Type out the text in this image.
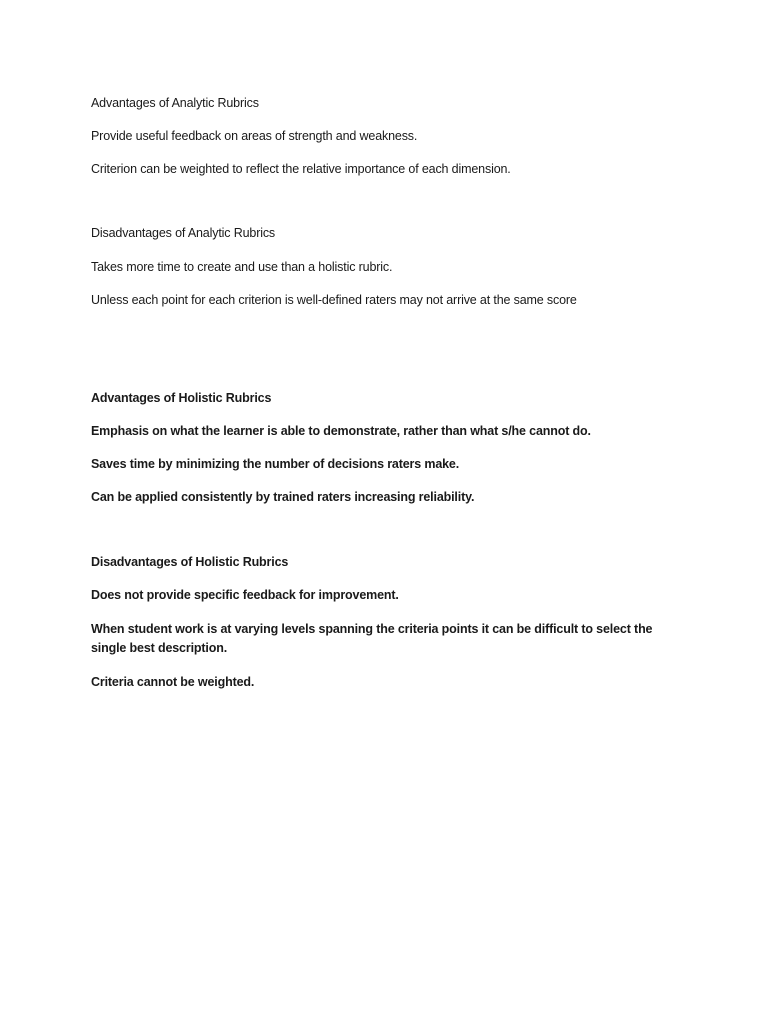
Advantages of Analytic Rubrics

Provide useful feedback on areas of strength and weakness.

Criterion can be weighted to reflect the relative importance of each dimension.

Disadvantages of Analytic Rubrics

Takes more time to create and use than a holistic rubric.

Unless each point for each criterion is well-defined raters may not arrive at the same score

Advantages of Holistic Rubrics

Emphasis on what the learner is able to demonstrate, rather than what s/he cannot do.

Saves time by minimizing the number of decisions raters make.

Can be applied consistently by trained raters increasing reliability.

Disadvantages of Holistic Rubrics

Does not provide specific feedback for improvement.

When student work is at varying levels spanning the criteria points it can be difficult to select the single best description.

Criteria cannot be weighted.
